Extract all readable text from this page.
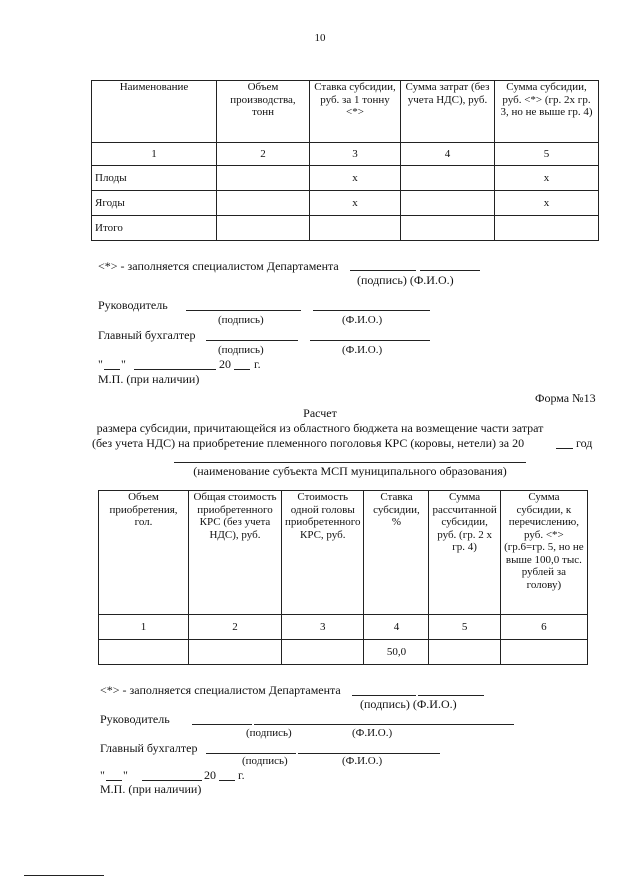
10
Наименование	Объем производства, тонн	Ставка субсидии, руб. за 1 тонну <*>	Сумма затрат (без учета НДС), руб.	Сумма субсидии, руб. <*> (гр. 2х гр. 3, но не выше гр. 4)
1	2	3	4	5
Плоды		х		х
Ягоды		х		х
Итого				
<*> - заполняется специалистом Департамента
(подпись) (Ф.И.О.)
Руководитель
(подпись)	(Ф.И.О.)
Главный бухгалтер
(подпись)	(Ф.И.О.)
" "	20 г.
М.П. (при наличии)
Форма №13
Расчет
размера субсидии, причитающейся из областного бюджета на возмещение части затрат
(без учета НДС) на приобретение племенного поголовья КРС (коровы, нетели) за 20	год
(наименование субъекта МСП муниципального образования)
Объем приобретения, гол.	Общая стоимость приобретенного КРС (без учета НДС), руб.	Стоимость одной головы приобретенного КРС, руб.	Ставка субсидии, %	Сумма рассчитанной субсидии, руб. (гр. 2 х гр. 4)	Сумма субсидии, к перечислению, руб. <*> (гр.6=гр. 5, но не выше 100,0 тыс. рублей за голову)
1	2	3	4	5	6
			50,0		
<*> - заполняется специалистом Департамента
(подпись) (Ф.И.О.)
Руководитель
(подпись)	(Ф.И.О.)
Главный бухгалтер
(подпись)	(Ф.И.О.)
" "	20 г.
М.П. (при наличии)
